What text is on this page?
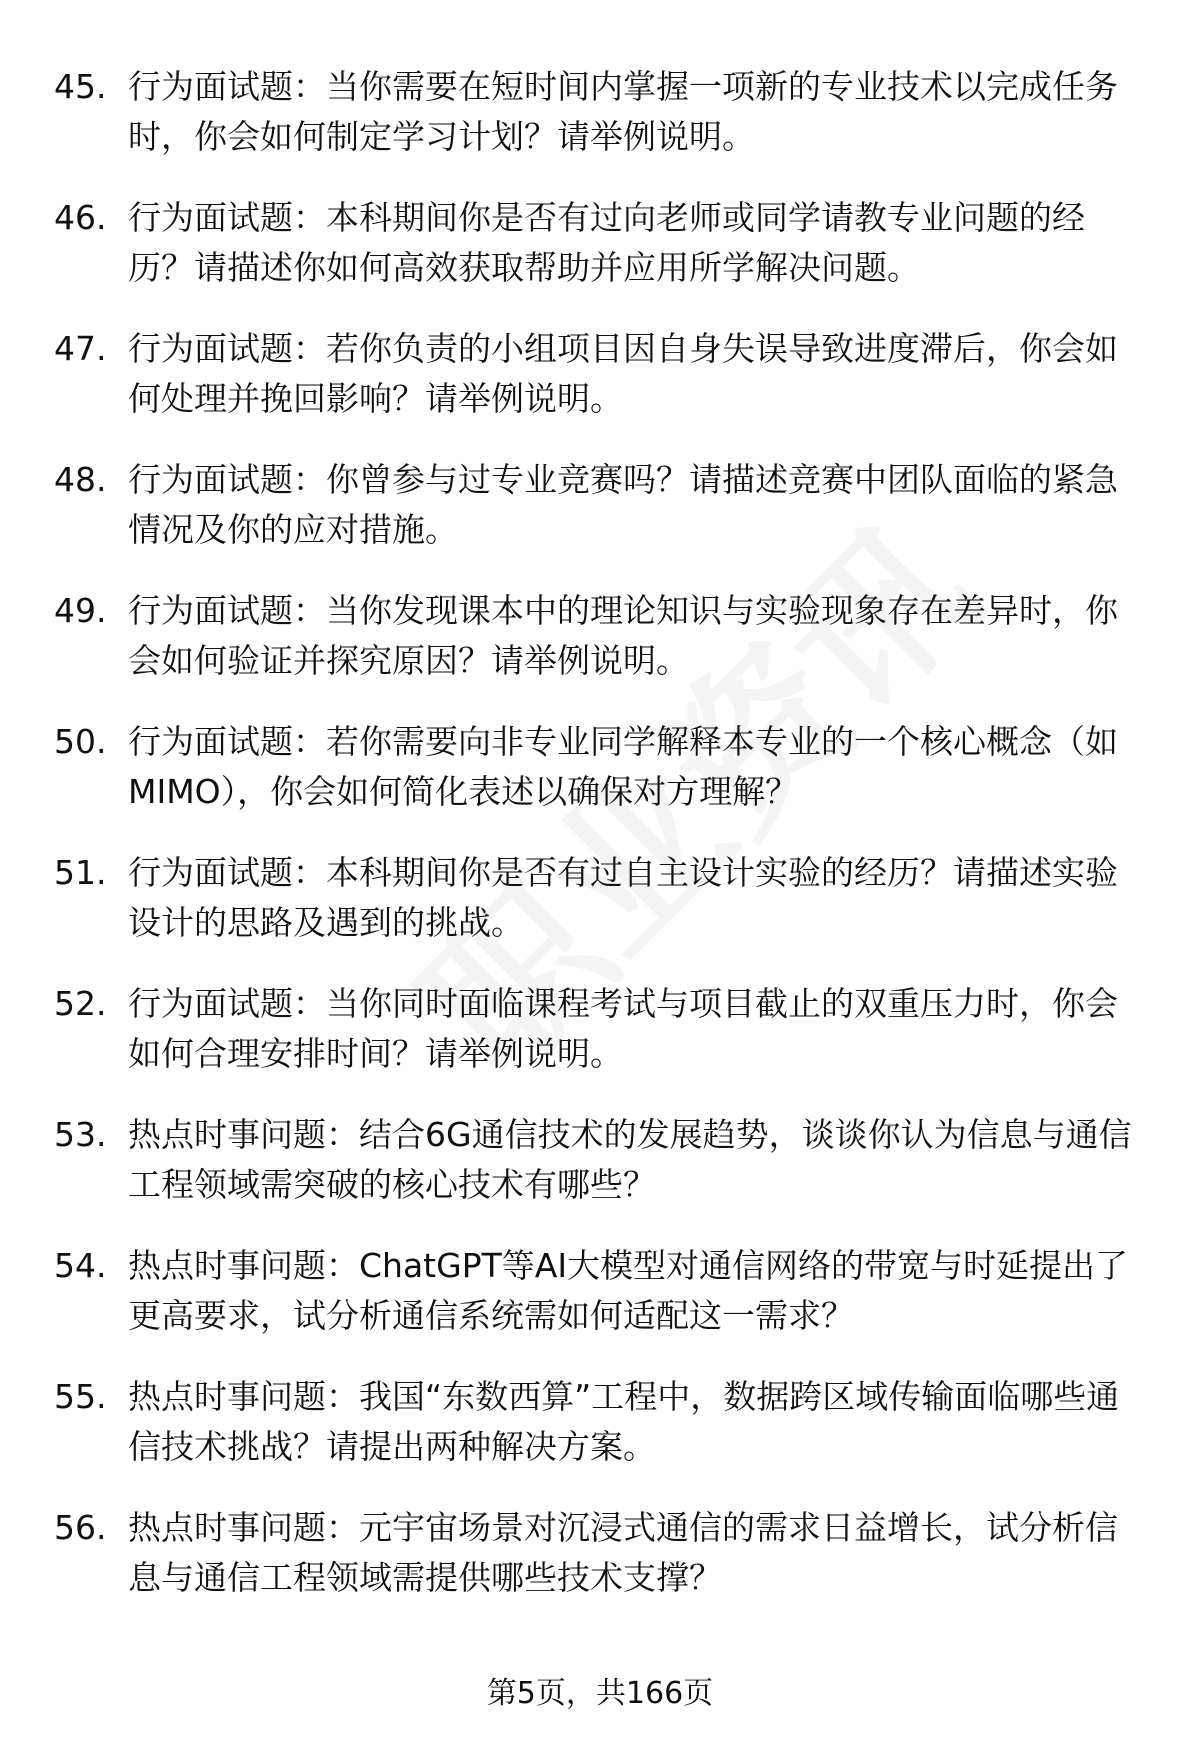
45. 行为面试题：当你需要在短时间内掌握一项新的专业技术以完成任务时，你会如何制定学习计划？请举例说明。
46. 行为面试题：本科期间你是否有过向老师或同学请教专业问题的经历？请描述你如何高效获取帮助并应用所学解决问题。
47. 行为面试题：若你负责的小组项目因自身失误导致进度滞后，你会如何处理并挽回影响？请举例说明。
48. 行为面试题：你曾参与过专业竞赛吗？请描述竞赛中团队面临的紧急情况及你的应对措施。
49. 行为面试题：当你发现课本中的理论知识与实验现象存在差异时，你会如何验证并探究原因？请举例说明。
50. 行为面试题：若你需要向非专业同学解释本专业的一个核心概念（如MIMO），你会如何简化表述以确保对方理解？
51. 行为面试题：本科期间你是否有过自主设计实验的经历？请描述实验设计的思路及遇到的挑战。
52. 行为面试题：当你同时面临课程考试与项目截止的双重压力时，你会如何合理安排时间？请举例说明。
53. 热点时事问题：结合6G通信技术的发展趋势，谈谈你认为信息与通信工程领域需突破的核心技术有哪些？
54. 热点时事问题：ChatGPT等AI大模型对通信网络的带宽与时延提出了更高要求，试分析通信系统需如何适配这一需求？
55. 热点时事问题：我国“东数西算”工程中，数据跨区域传输面临哪些通信技术挑战？请提出两种解决方案。
56. 热点时事问题：元宇宙场景对沉浸式通信的需求日益增长，试分析信息与通信工程领域需提供哪些技术支撑？
第5页，共166页
